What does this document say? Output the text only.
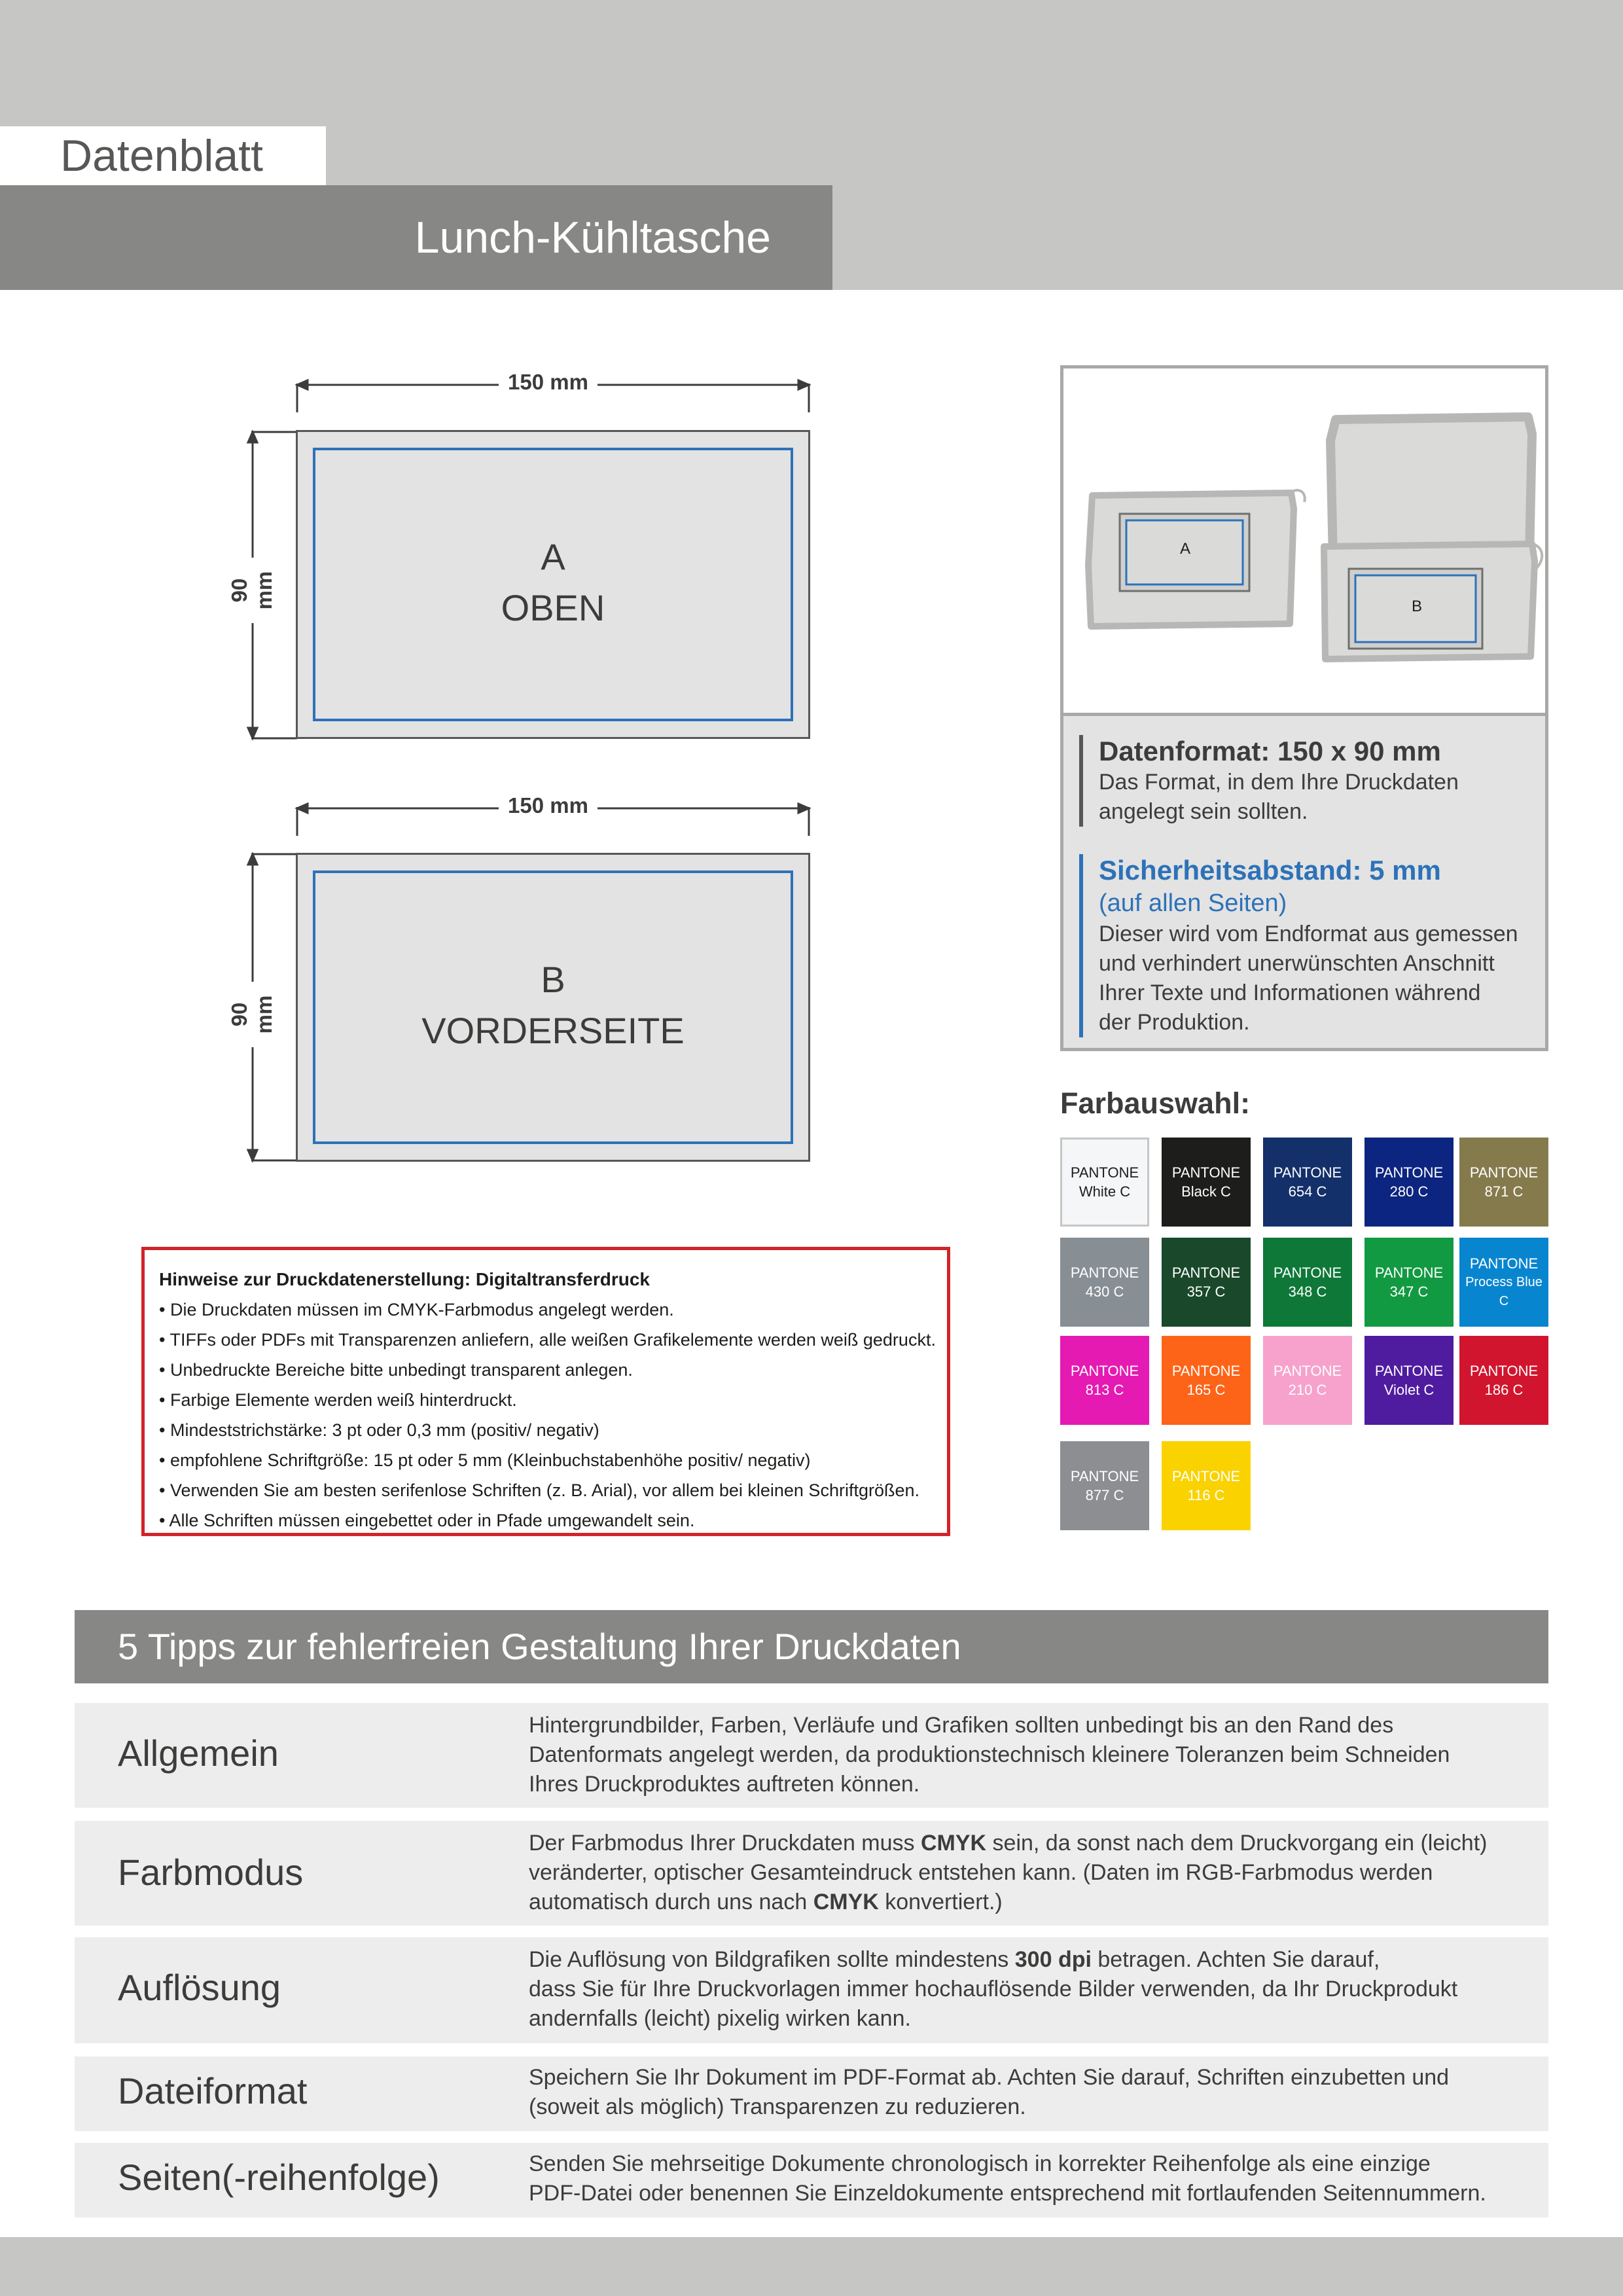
Datenblatt
Lunch-Kühltasche
150 mm
90 mm
A
OBEN
150 mm
90 mm
B
VORDERSEITE
A
B
Datenformat: 150 x 90 mm
Das Format, in dem Ihre Druckdaten
angelegt sein sollten.
Sicherheitsabstand: 5 mm
(auf allen Seiten)
Dieser wird vom Endformat aus gemessen
und verhindert unerwünschten Anschnitt
Ihrer Texte und Informationen während
der Produktion.
Farbauswahl:
PANTONE
White C
PANTONE
Black C
PANTONE
654 C
PANTONE
280 C
PANTONE
871 C
PANTONE
430 C
PANTONE
357 C
PANTONE
348 C
PANTONE
347 C
PANTONE
Process Blue C
PANTONE
813 C
PANTONE
165 C
PANTONE
210 C
PANTONE
Violet C
PANTONE
186 C
PANTONE
877 C
PANTONE
116 C
Hinweise zur Druckdatenerstellung: Digitaltransferdruck
• Die Druckdaten müssen im CMYK-Farbmodus angelegt werden.
• TIFFs oder PDFs mit Transparenzen anliefern, alle weißen Grafikelemente werden weiß gedruckt.
• Unbedruckte Bereiche bitte unbedingt transparent anlegen.
• Farbige Elemente werden weiß hinterdruckt.
• Mindeststrichstärke: 3 pt oder 0,3 mm (positiv/ negativ)
• empfohlene Schriftgröße: 15 pt oder 5 mm (Kleinbuchstabenhöhe positiv/ negativ)
• Verwenden Sie am besten serifenlose Schriften (z. B. Arial), vor allem bei kleinen Schriftgrößen.
• Alle Schriften müssen eingebettet oder in Pfade umgewandelt sein.
5 Tipps zur fehlerfreien Gestaltung Ihrer Druckdaten
Allgemein
Hintergrundbilder, Farben, Verläufe und Grafiken sollten unbedingt bis an den Rand des
Datenformats angelegt werden, da produktionstechnisch kleinere Toleranzen beim Schneiden
Ihres Druckproduktes auftreten können.
Farbmodus
Der Farbmodus Ihrer Druckdaten muss CMYK sein, da sonst nach dem Druckvorgang ein (leicht)
veränderter, optischer Gesamteindruck entstehen kann. (Daten im RGB-Farbmodus werden
automatisch durch uns nach CMYK konvertiert.)
Auflösung
Die Auflösung von Bildgrafiken sollte mindestens 300 dpi betragen. Achten Sie darauf,
dass Sie für Ihre Druckvorlagen immer hochauflösende Bilder verwenden, da Ihr Druckprodukt
andernfalls (leicht) pixelig wirken kann.
Dateiformat	Speichern Sie Ihr Dokument im PDF-Format ab. Achten Sie darauf, Schriften einzubetten und
(soweit als möglich) Transparenzen zu reduzieren.
Seiten(-reihenfolge)	Senden Sie mehrseitige Dokumente chronologisch in korrekter Reihenfolge als eine einzige
PDF-Datei oder benennen Sie Einzeldokumente entsprechend mit fortlaufenden Seitennummern.
